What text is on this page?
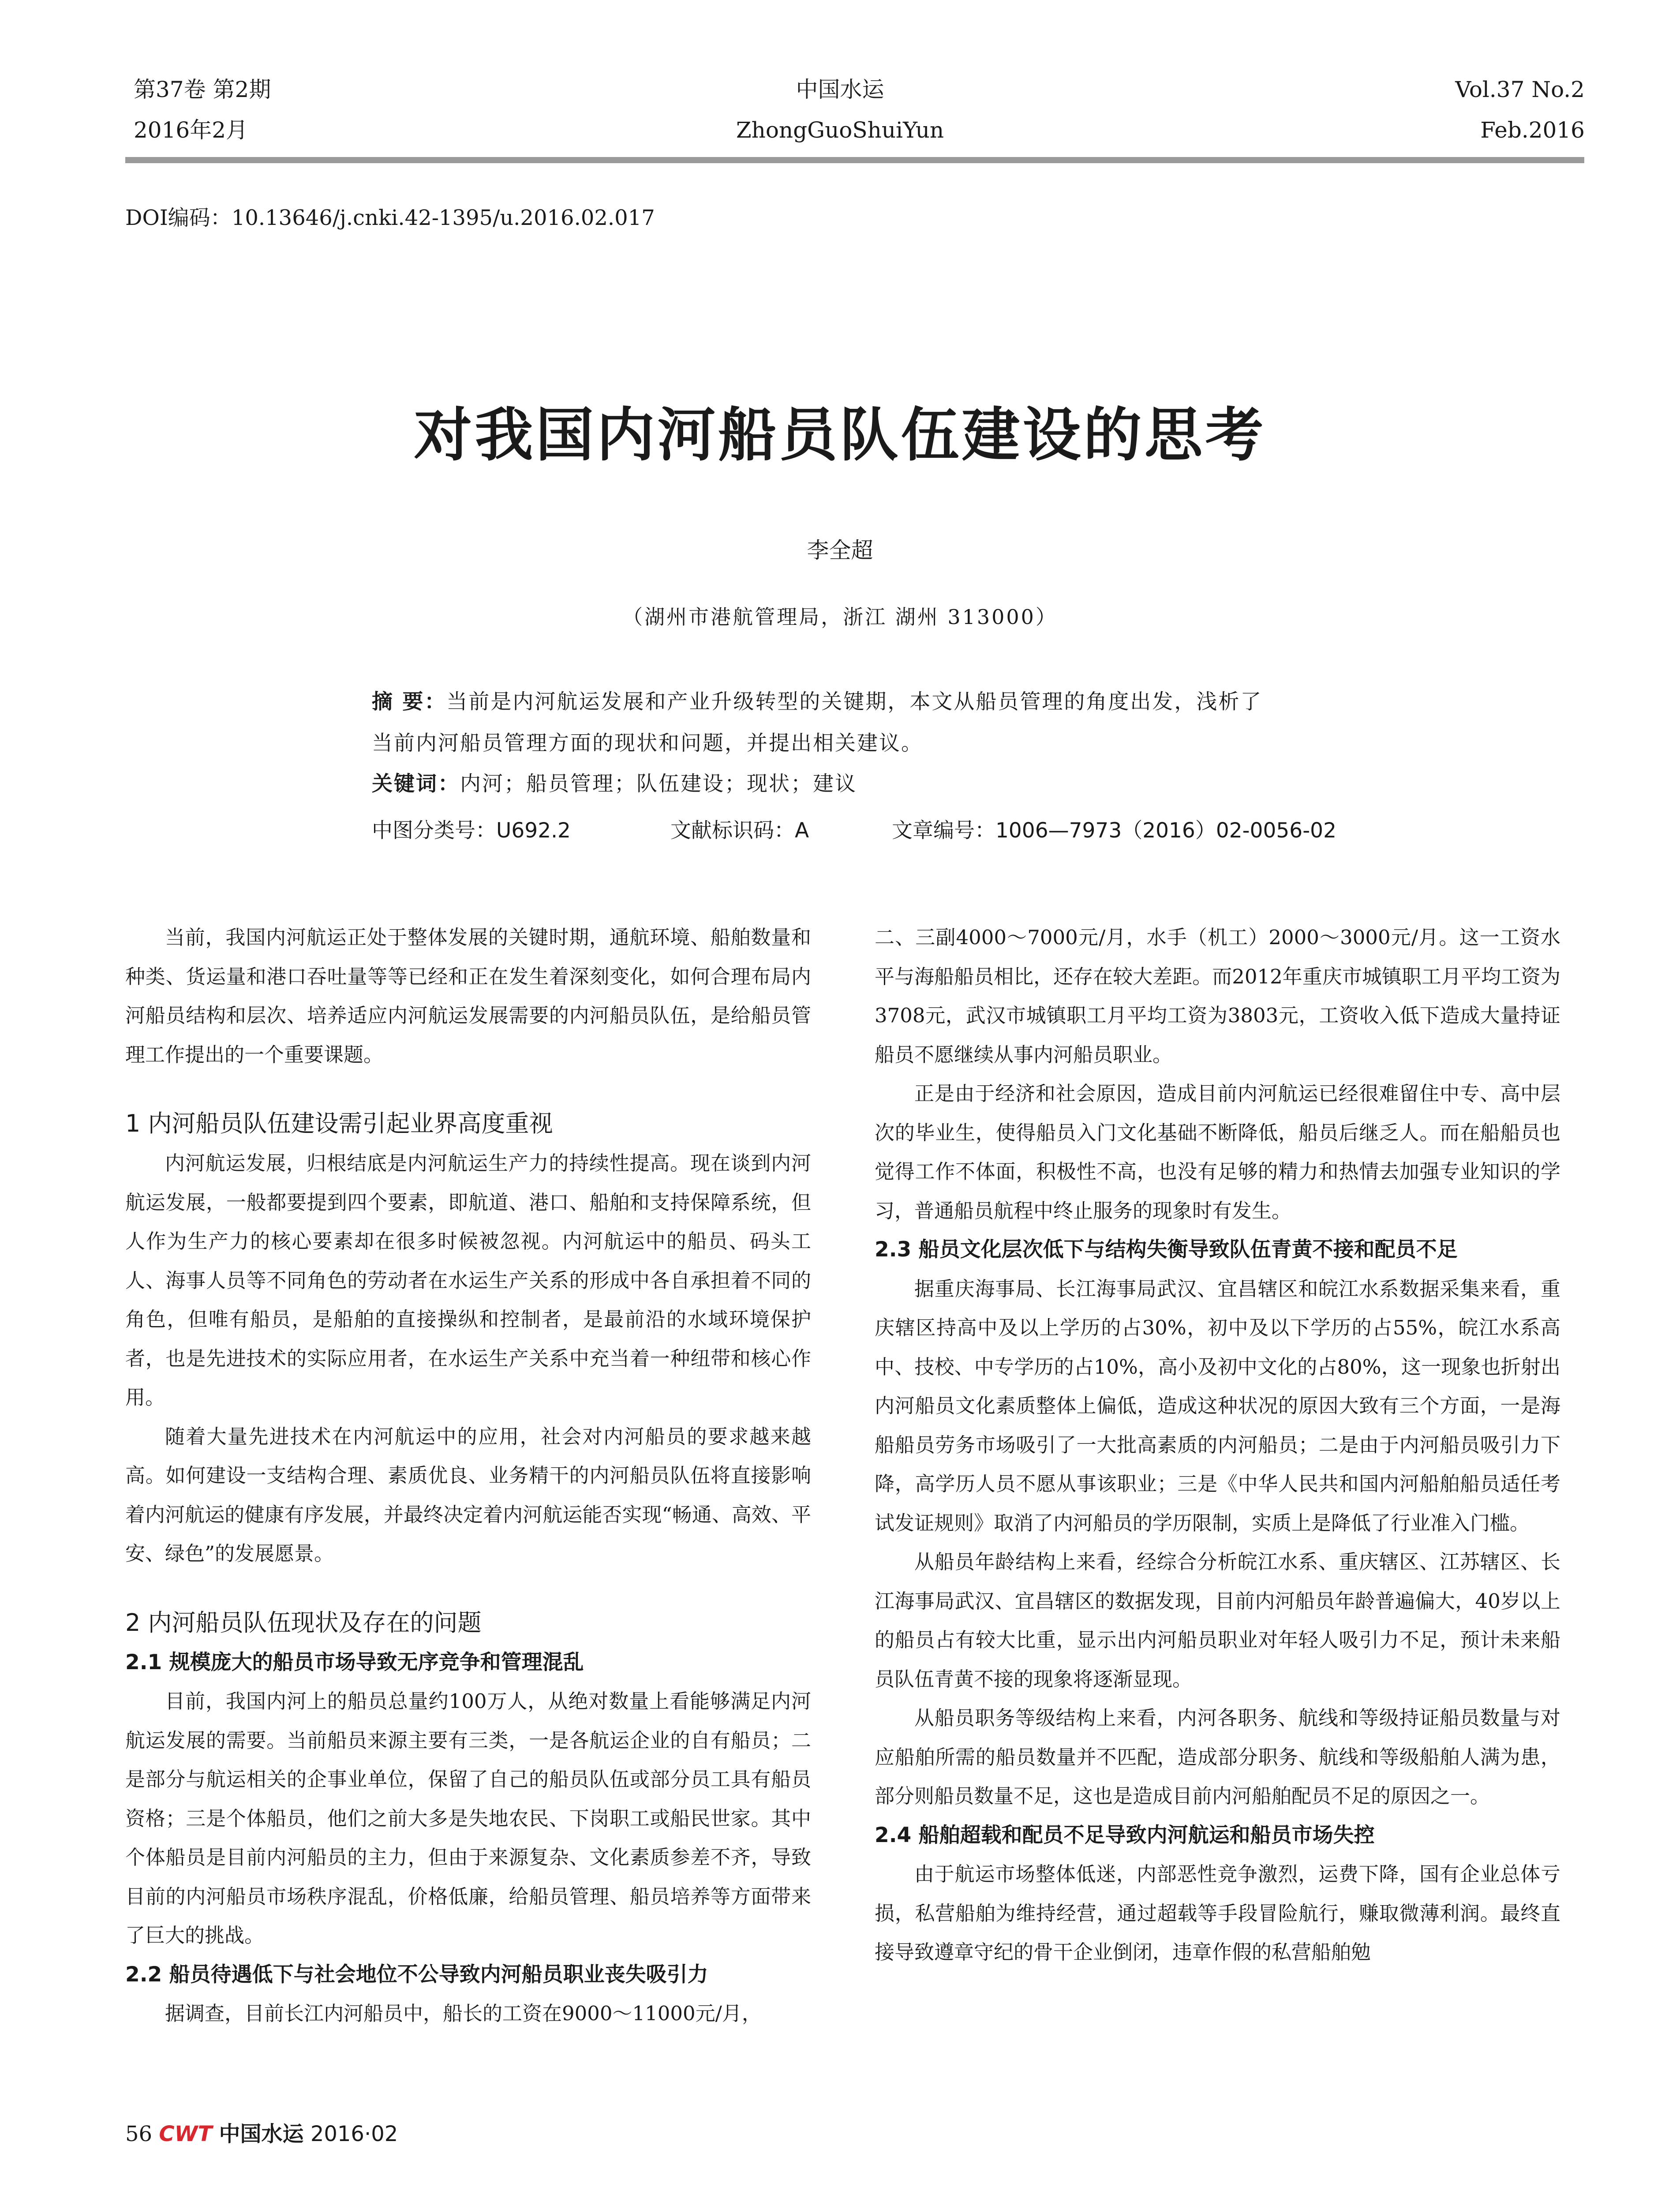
第37卷 第2期
2016年2月
中国水运
ZhongGuoShuiYun
Vol.37 No.2
Feb.2016
DOI编码：10.13646/j.cnki.42-1395/u.2016.02.017
对我国内河船员队伍建设的思考
李全超
（湖州市港航管理局，浙江 湖州 313000）
摘 要：当前是内河航运发展和产业升级转型的关键期，本文从船员管理的角度出发，浅析了
当前内河船员管理方面的现状和问题，并提出相关建议。
关键词：内河；船员管理；队伍建设；现状；建议
中图分类号：U692.2	文献标识码：A	文章编号：1006—7973（2016）02-0056-02

当前，我国内河航运正处于整体发展的关键时期，通航环境、船舶数量和种类、货运量和港口吞吐量等等已经和正在发生着深刻变化，如何合理布局内河船员结构和层次、培养适应内河航运发展需要的内河船员队伍，是给船员管理工作提出的一个重要课题。

1 内河船员队伍建设需引起业界高度重视

内河航运发展，归根结底是内河航运生产力的持续性提高。现在谈到内河航运发展，一般都要提到四个要素，即航道、港口、船舶和支持保障系统，但人作为生产力的核心要素却在很多时候被忽视。内河航运中的船员、码头工人、海事人员等不同角色的劳动者在水运生产关系的形成中各自承担着不同的角色，但唯有船员，是船舶的直接操纵和控制者，是最前沿的水域环境保护者，也是先进技术的实际应用者，在水运生产关系中充当着一种纽带和核心作用。

随着大量先进技术在内河航运中的应用，社会对内河船员的要求越来越高。如何建设一支结构合理、素质优良、业务精干的内河船员队伍将直接影响着内河航运的健康有序发展，并最终决定着内河航运能否实现“畅通、高效、平安、绿色”的发展愿景。

2 内河船员队伍现状及存在的问题
2.1 规模庞大的船员市场导致无序竞争和管理混乱

目前，我国内河上的船员总量约100万人，从绝对数量上看能够满足内河航运发展的需要。当前船员来源主要有三类，一是各航运企业的自有船员；二是部分与航运相关的企事业单位，保留了自己的船员队伍或部分员工具有船员资格；三是个体船员，他们之前大多是失地农民、下岗职工或船民世家。其中个体船员是目前内河船员的主力，但由于来源复杂、文化素质参差不齐，导致目前的内河船员市场秩序混乱，价格低廉，给船员管理、船员培养等方面带来了巨大的挑战。

2.2 船员待遇低下与社会地位不公导致内河船员职业丧失吸引力

据调查，目前长江内河船员中，船长的工资在9000～11000元/月，

二、三副4000～7000元/月，水手（机工）2000～3000元/月。这一工资水平与海船船员相比，还存在较大差距。而2012年重庆市城镇职工月平均工资为3708元，武汉市城镇职工月平均工资为3803元，工资收入低下造成大量持证船员不愿继续从事内河船员职业。

正是由于经济和社会原因，造成目前内河航运已经很难留住中专、高中层次的毕业生，使得船员入门文化基础不断降低，船员后继乏人。而在船船员也觉得工作不体面，积极性不高，也没有足够的精力和热情去加强专业知识的学习，普通船员航程中终止服务的现象时有发生。

2.3 船员文化层次低下与结构失衡导致队伍青黄不接和配员不足

据重庆海事局、长江海事局武汉、宜昌辖区和皖江水系数据采集来看，重庆辖区持高中及以上学历的占30%，初中及以下学历的占55%，皖江水系高中、技校、中专学历的占10%，高小及初中文化的占80%，这一现象也折射出内河船员文化素质整体上偏低，造成这种状况的原因大致有三个方面，一是海船船员劳务市场吸引了一大批高素质的内河船员；二是由于内河船员吸引力下降，高学历人员不愿从事该职业；三是《中华人民共和国内河船舶船员适任考试发证规则》取消了内河船员的学历限制，实质上是降低了行业准入门槛。

从船员年龄结构上来看，经综合分析皖江水系、重庆辖区、江苏辖区、长江海事局武汉、宜昌辖区的数据发现，目前内河船员年龄普遍偏大，40岁以上的船员占有较大比重，显示出内河船员职业对年轻人吸引力不足，预计未来船员队伍青黄不接的现象将逐渐显现。

从船员职务等级结构上来看，内河各职务、航线和等级持证船员数量与对应船舶所需的船员数量并不匹配，造成部分职务、航线和等级船舶人满为患，部分则船员数量不足，这也是造成目前内河船舶配员不足的原因之一。

2.4 船舶超载和配员不足导致内河航运和船员市场失控

由于航运市场整体低迷，内部恶性竞争激烈，运费下降，国有企业总体亏损，私营船舶为维持经营，通过超载等手段冒险航行，赚取微薄利润。最终直接导致遵章守纪的骨干企业倒闭，违章作假的私营船舶勉

56 CWT 中国水运 2016·02
